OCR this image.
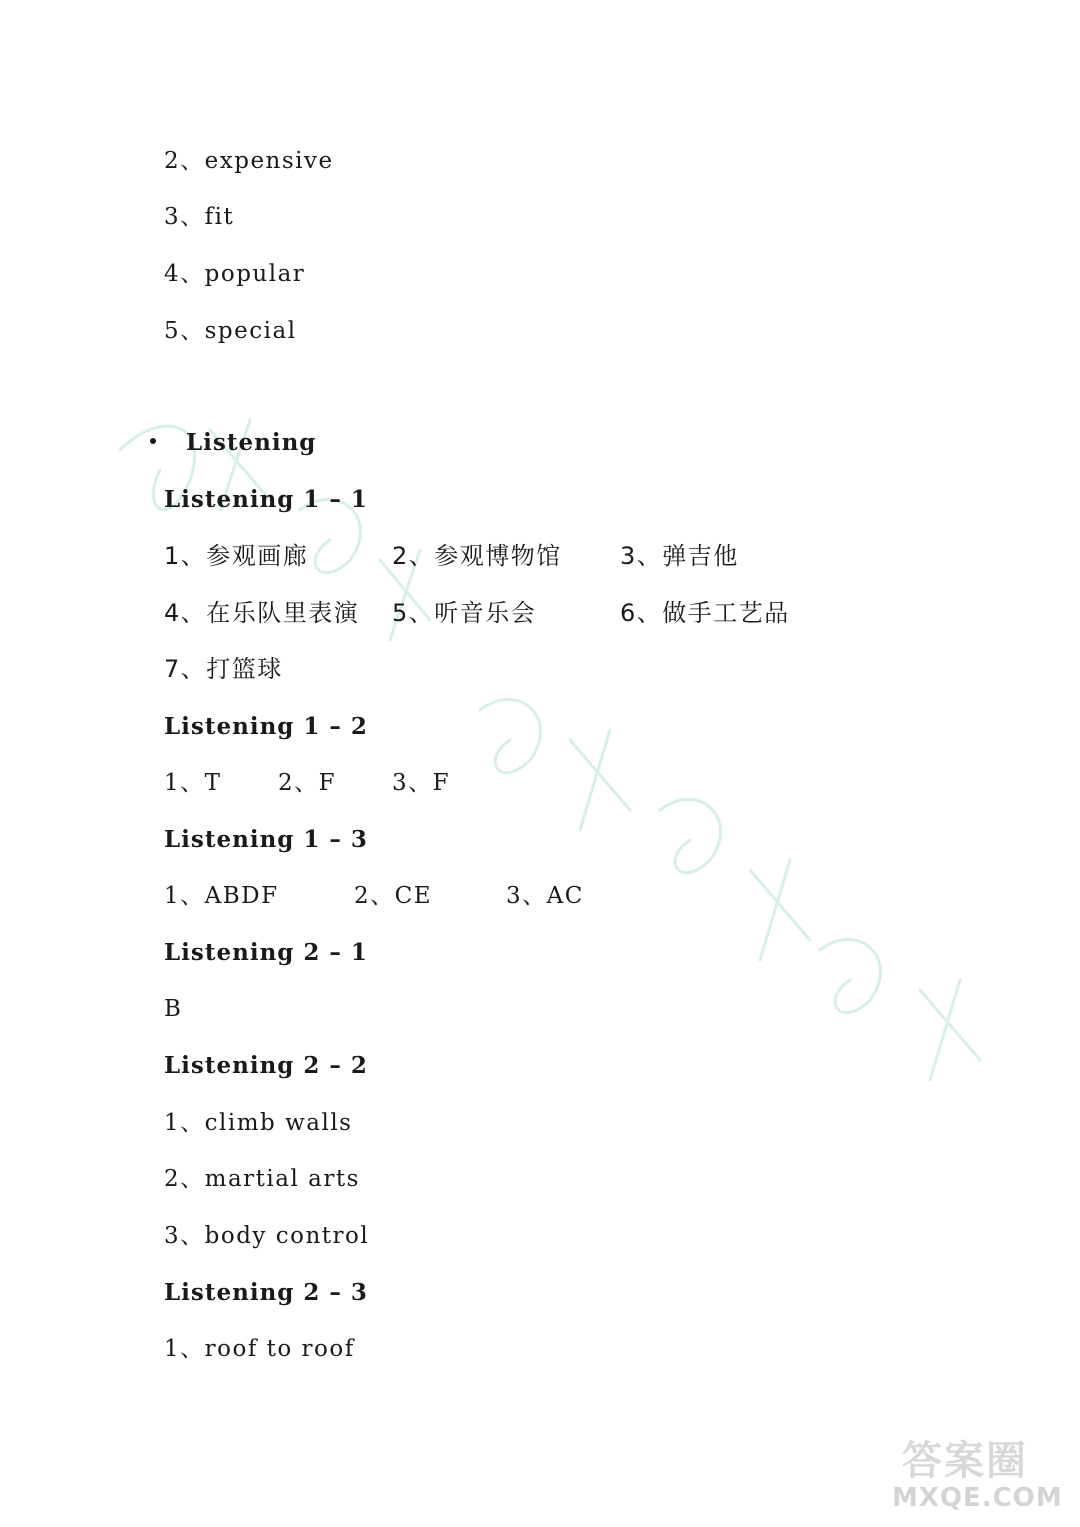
2、expensive
3、fit
4、popular
5、special
Listening
Listening 1 – 1
1、参观画廊	2、参观博物馆 3、弹吉他
4、在乐队里表演 5、听音乐会	6、做手工艺品
7、打篮球
Listening 1 – 2
1、T 2、F 3、F
Listening 1 – 3
1、ABDF	2、CE	3、AC
Listening 2 – 1
B
Listening 2 – 2
1、climb walls
2、martial arts
3、body control
Listening 2 – 3
1、roof to roof
答案圈
MXQE.COM
